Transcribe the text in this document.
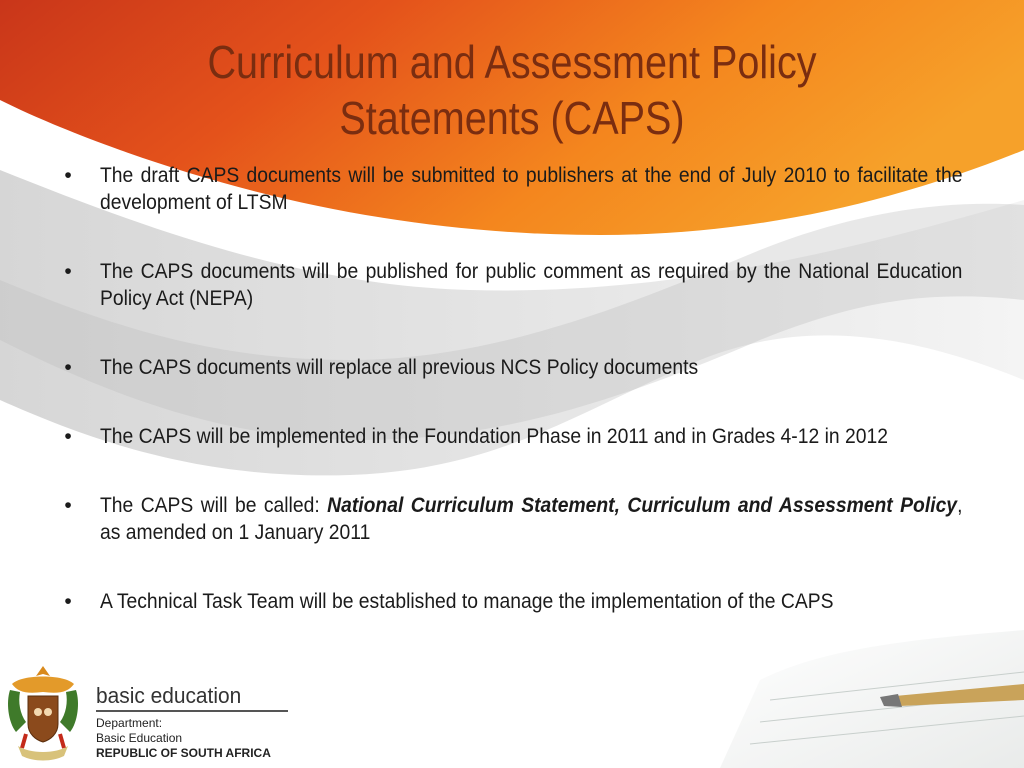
Curriculum and Assessment Policy Statements (CAPS)
•	The draft CAPS documents will be submitted to publishers at the end of July 2010 to facilitate the development of LTSM
•	The CAPS documents will be published for public comment as required by the National Education Policy Act (NEPA)
•	The CAPS documents will replace all previous NCS Policy documents
•	The CAPS will be implemented in the Foundation Phase in 2011 and in Grades 4-12 in 2012
•	The CAPS will be called: National Curriculum Statement, Curriculum and Assessment Policy, as amended on 1 January 2011
•	A Technical Task Team will be established to manage the implementation of the CAPS
basic education
Department:
Basic Education
REPUBLIC OF SOUTH AFRICA
